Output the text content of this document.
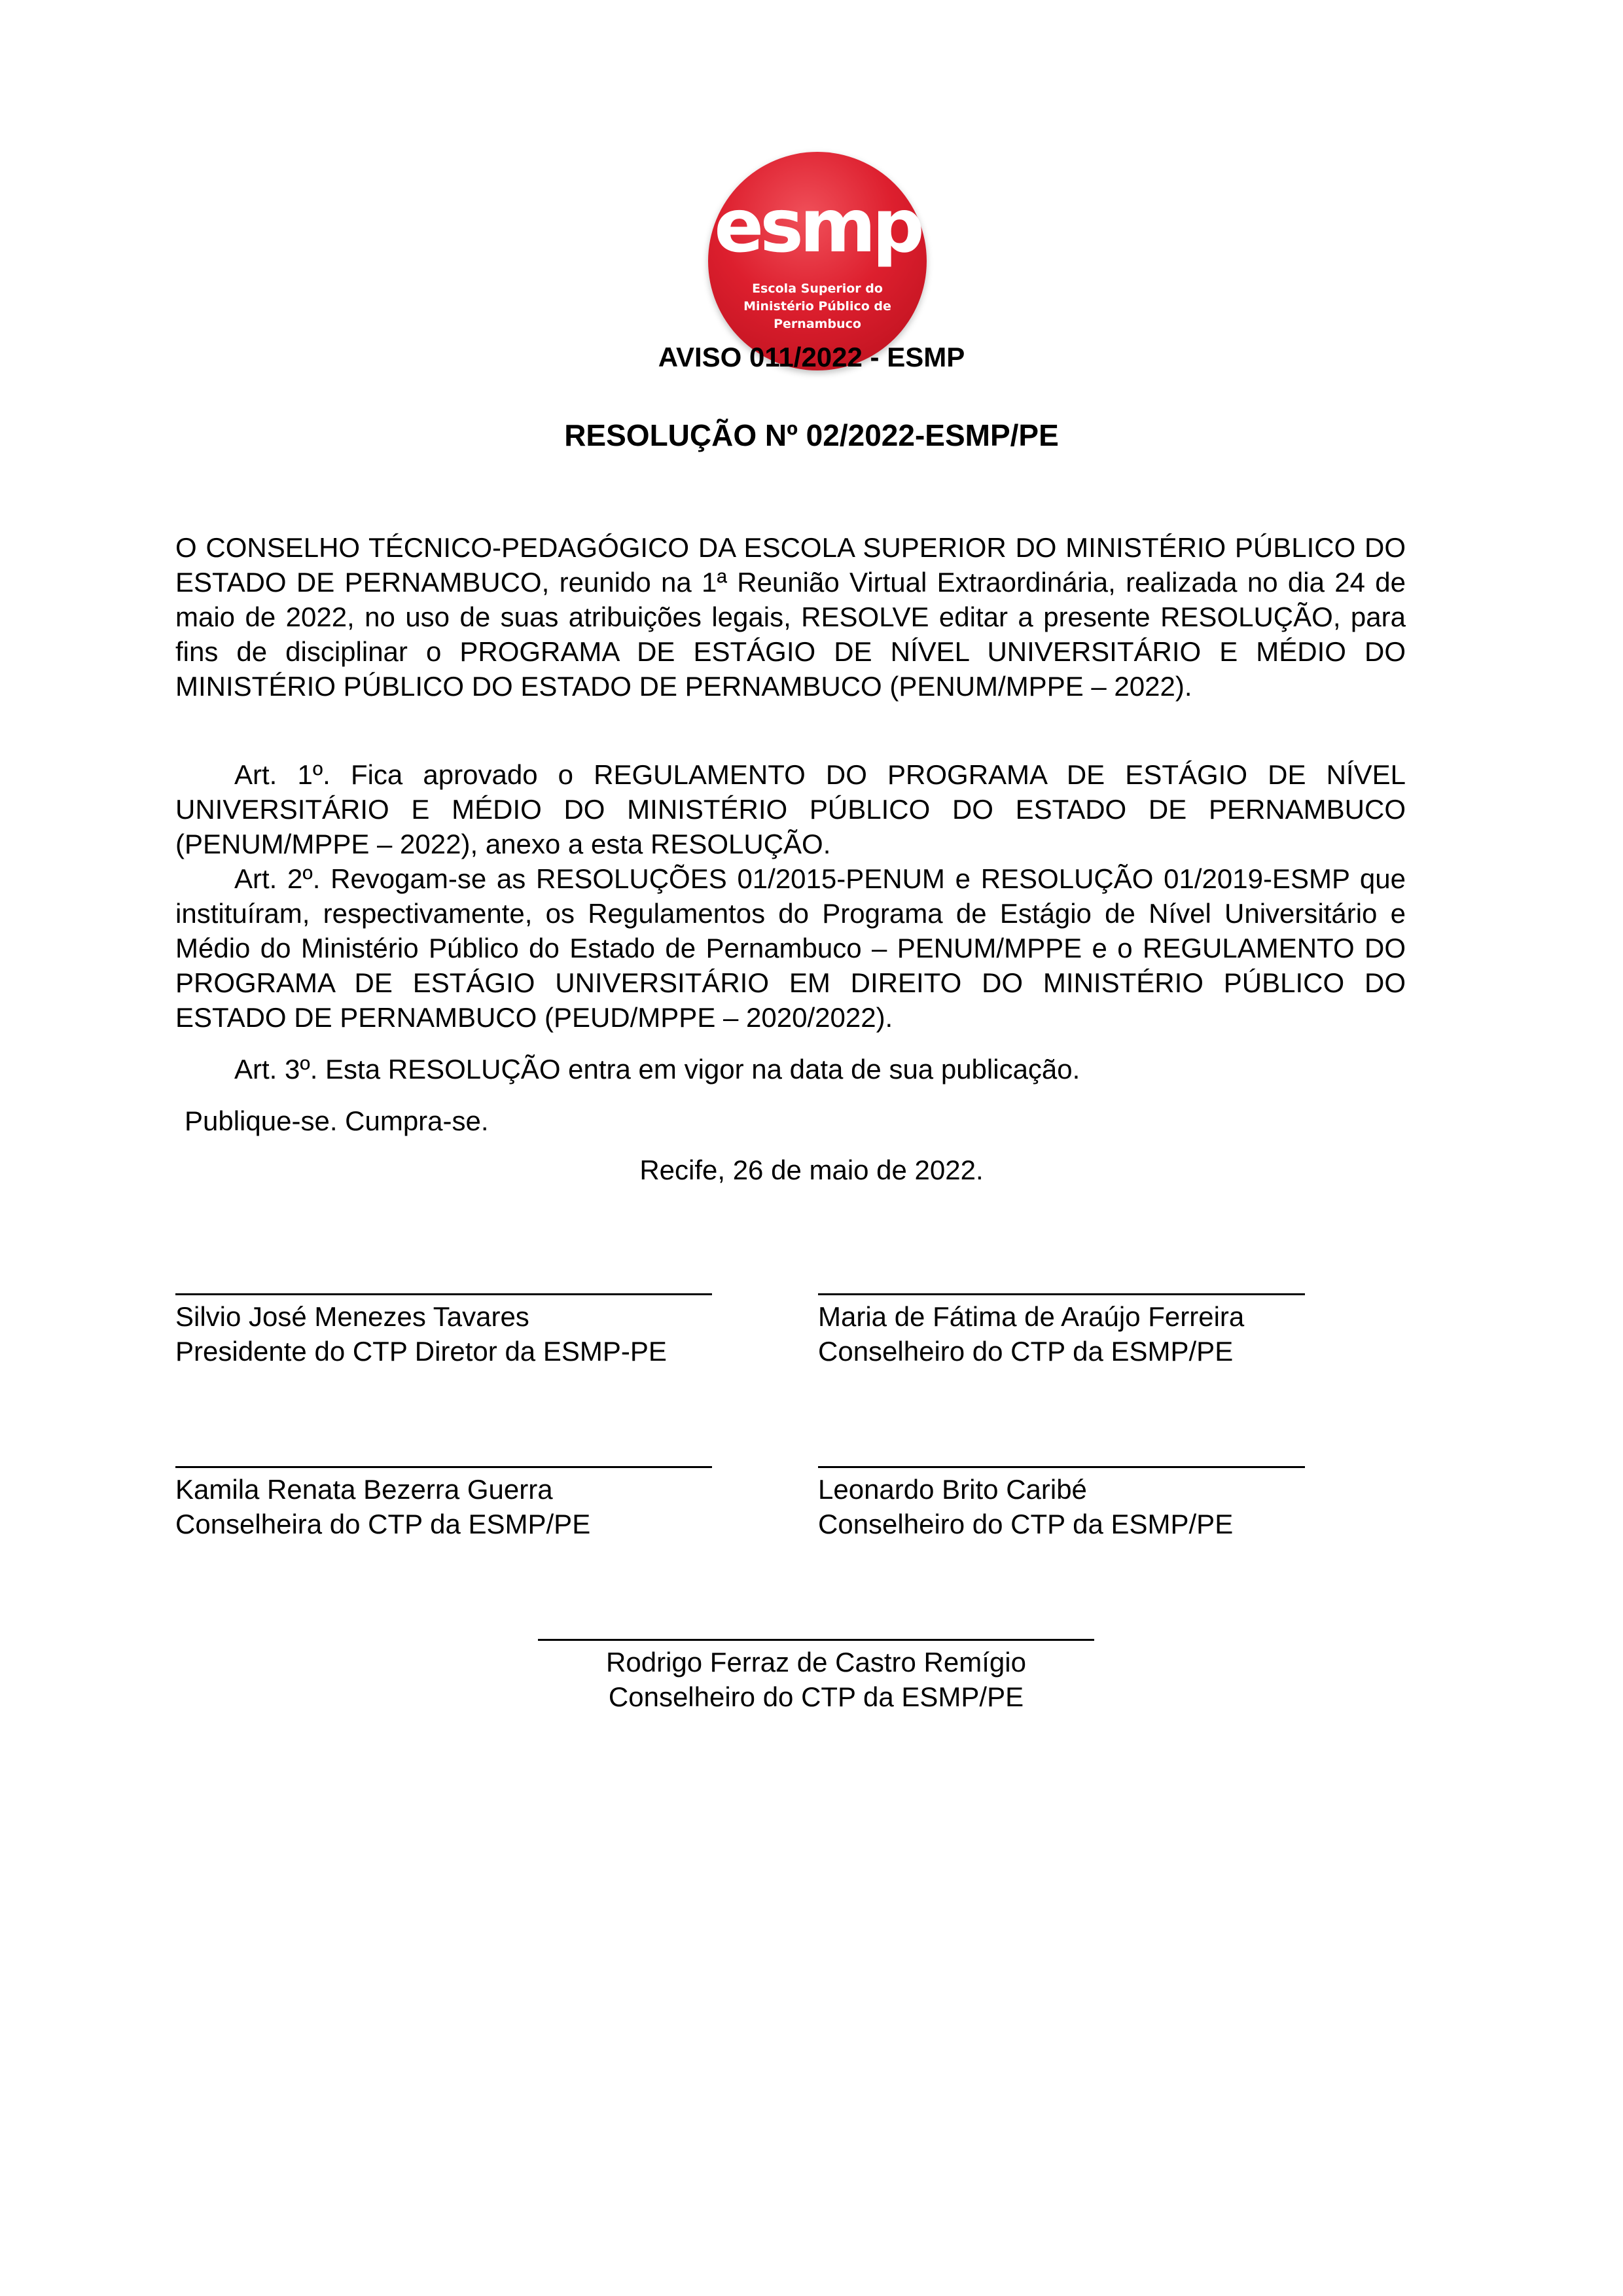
esmp
Escola Superior do
Ministério Público de
Pernambuco
AVISO 011/2022 - ESMP
RESOLUÇÃO Nº 02/2022-ESMP/PE

O CONSELHO TÉCNICO-PEDAGÓGICO DA ESCOLA SUPERIOR DO MINISTÉRIO PÚBLICO DO ESTADO DE PERNAMBUCO, reunido na 1ª Reunião Virtual Extraordinária, realizada no dia 24 de maio de 2022, no uso de suas atribuições legais, RESOLVE editar a presente RESOLUÇÃO, para fins de disciplinar o PROGRAMA DE ESTÁGIO DE NÍVEL UNIVERSITÁRIO E MÉDIO DO MINISTÉRIO PÚBLICO DO ESTADO DE PERNAMBUCO (PENUM/MPPE – 2022).

Art. 1º. Fica aprovado o REGULAMENTO DO PROGRAMA DE ESTÁGIO DE NÍVEL UNIVERSITÁRIO E MÉDIO DO MINISTÉRIO PÚBLICO DO ESTADO DE PERNAMBUCO (PENUM/MPPE – 2022), anexo a esta RESOLUÇÃO.

Art. 2º. Revogam-se as RESOLUÇÕES 01/2015-PENUM e RESOLUÇÃO 01/2019-ESMP que instituíram, respectivamente, os Regulamentos do Programa de Estágio de Nível Universitário e Médio do Ministério Público do Estado de Pernambuco – PENUM/MPPE e o REGULAMENTO DO PROGRAMA DE ESTÁGIO UNIVERSITÁRIO EM DIREITO DO MINISTÉRIO PÚBLICO DO ESTADO DE PERNAMBUCO (PEUD/MPPE – 2020/2022).

Art. 3º. Esta RESOLUÇÃO entra em vigor na data de sua publicação.

Publique-se. Cumpra-se.

Recife, 26 de maio de 2022.
Silvio José Menezes Tavares
Presidente do CTP Diretor da ESMP-PE
Maria de Fátima de Araújo Ferreira
Conselheiro do CTP da ESMP/PE
Kamila Renata Bezerra Guerra
Conselheira do CTP da ESMP/PE
Leonardo Brito Caribé
Conselheiro do CTP da ESMP/PE
Rodrigo Ferraz de Castro Remígio
Conselheiro do CTP da ESMP/PE
